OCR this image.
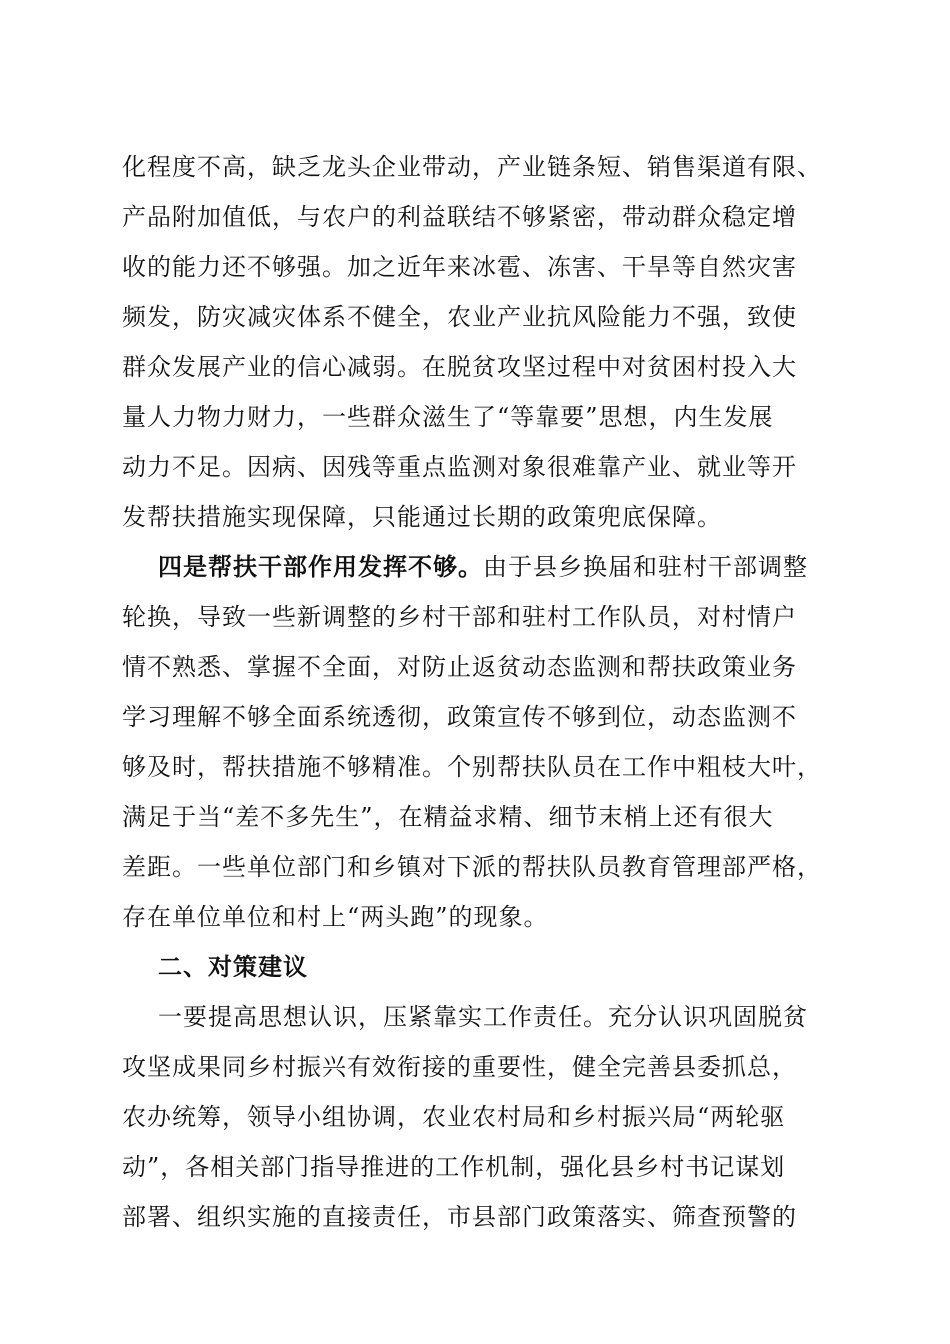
化程度不高，缺乏龙头企业带动，产业链条短、销售渠道有限、
产品附加值低，与农户的利益联结不够紧密，带动群众稳定增
收的能力还不够强。加之近年来冰雹、冻害、干旱等自然灾害
频发，防灾减灾体系不健全，农业产业抗风险能力不强，致使
群众发展产业的信心减弱。在脱贫攻坚过程中对贫困村投入大
量人力物力财力，一些群众滋生了“等靠要”思想，内生发展
动力不足。因病、因残等重点监测对象很难靠产业、就业等开
发帮扶措施实现保障，只能通过长期的政策兜底保障。
四是帮扶干部作用发挥不够。由于县乡换届和驻村干部调整
轮换，导致一些新调整的乡村干部和驻村工作队员，对村情户
情不熟悉、掌握不全面，对防止返贫动态监测和帮扶政策业务
学习理解不够全面系统透彻，政策宣传不够到位，动态监测不
够及时，帮扶措施不够精准。个别帮扶队员在工作中粗枝大叶，
满足于当“差不多先生”，在精益求精、细节末梢上还有很大
差距。一些单位部门和乡镇对下派的帮扶队员教育管理部严格，
存在单位单位和村上“两头跑”的现象。
二、对策建议
一要提高思想认识，压紧靠实工作责任。充分认识巩固脱贫
攻坚成果同乡村振兴有效衔接的重要性，健全完善县委抓总，
农办统筹，领导小组协调，农业农村局和乡村振兴局“两轮驱
动”，各相关部门指导推进的工作机制，强化县乡村书记谋划
部署、组织实施的直接责任，市县部门政策落实、筛查预警的
